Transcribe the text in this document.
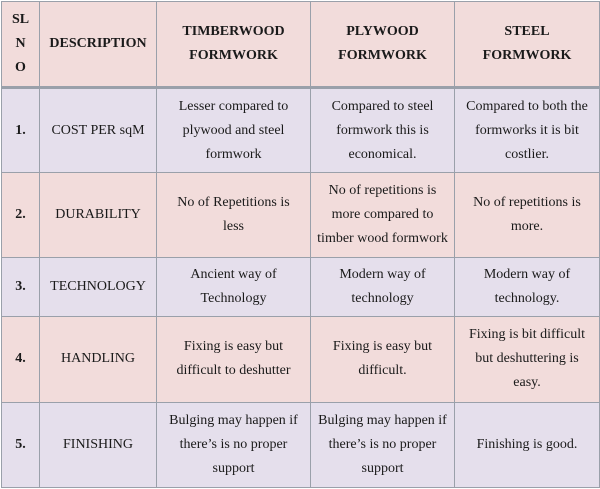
SL
N
O	DESCRIPTION	TIMBERWOOD
FORMWORK	PLYWOOD
FORMWORK	STEEL
FORMWORK

1.	COST PER sqM	Lesser compared to
plywood and steel
formwork	Compared to steel
formwork this is
economical.	Compared to both the
formworks it is bit
costlier.

2.	DURABILITY	No of Repetitions is
less	No of repetitions is
more compared to
timber wood formwork	No of repetitions is
more.

3.	TECHNOLOGY	Ancient way of
Technology	Modern way of
technology	Modern way of
technology.

4.	HANDLING	Fixing is easy but
difficult to deshutter	Fixing is easy but
difficult.	Fixing is bit difficult
but deshuttering is
easy.

5.	FINISHING	Bulging may happen if
there’s is no proper
support	Bulging may happen if
there’s is no proper
support	Finishing is good.
